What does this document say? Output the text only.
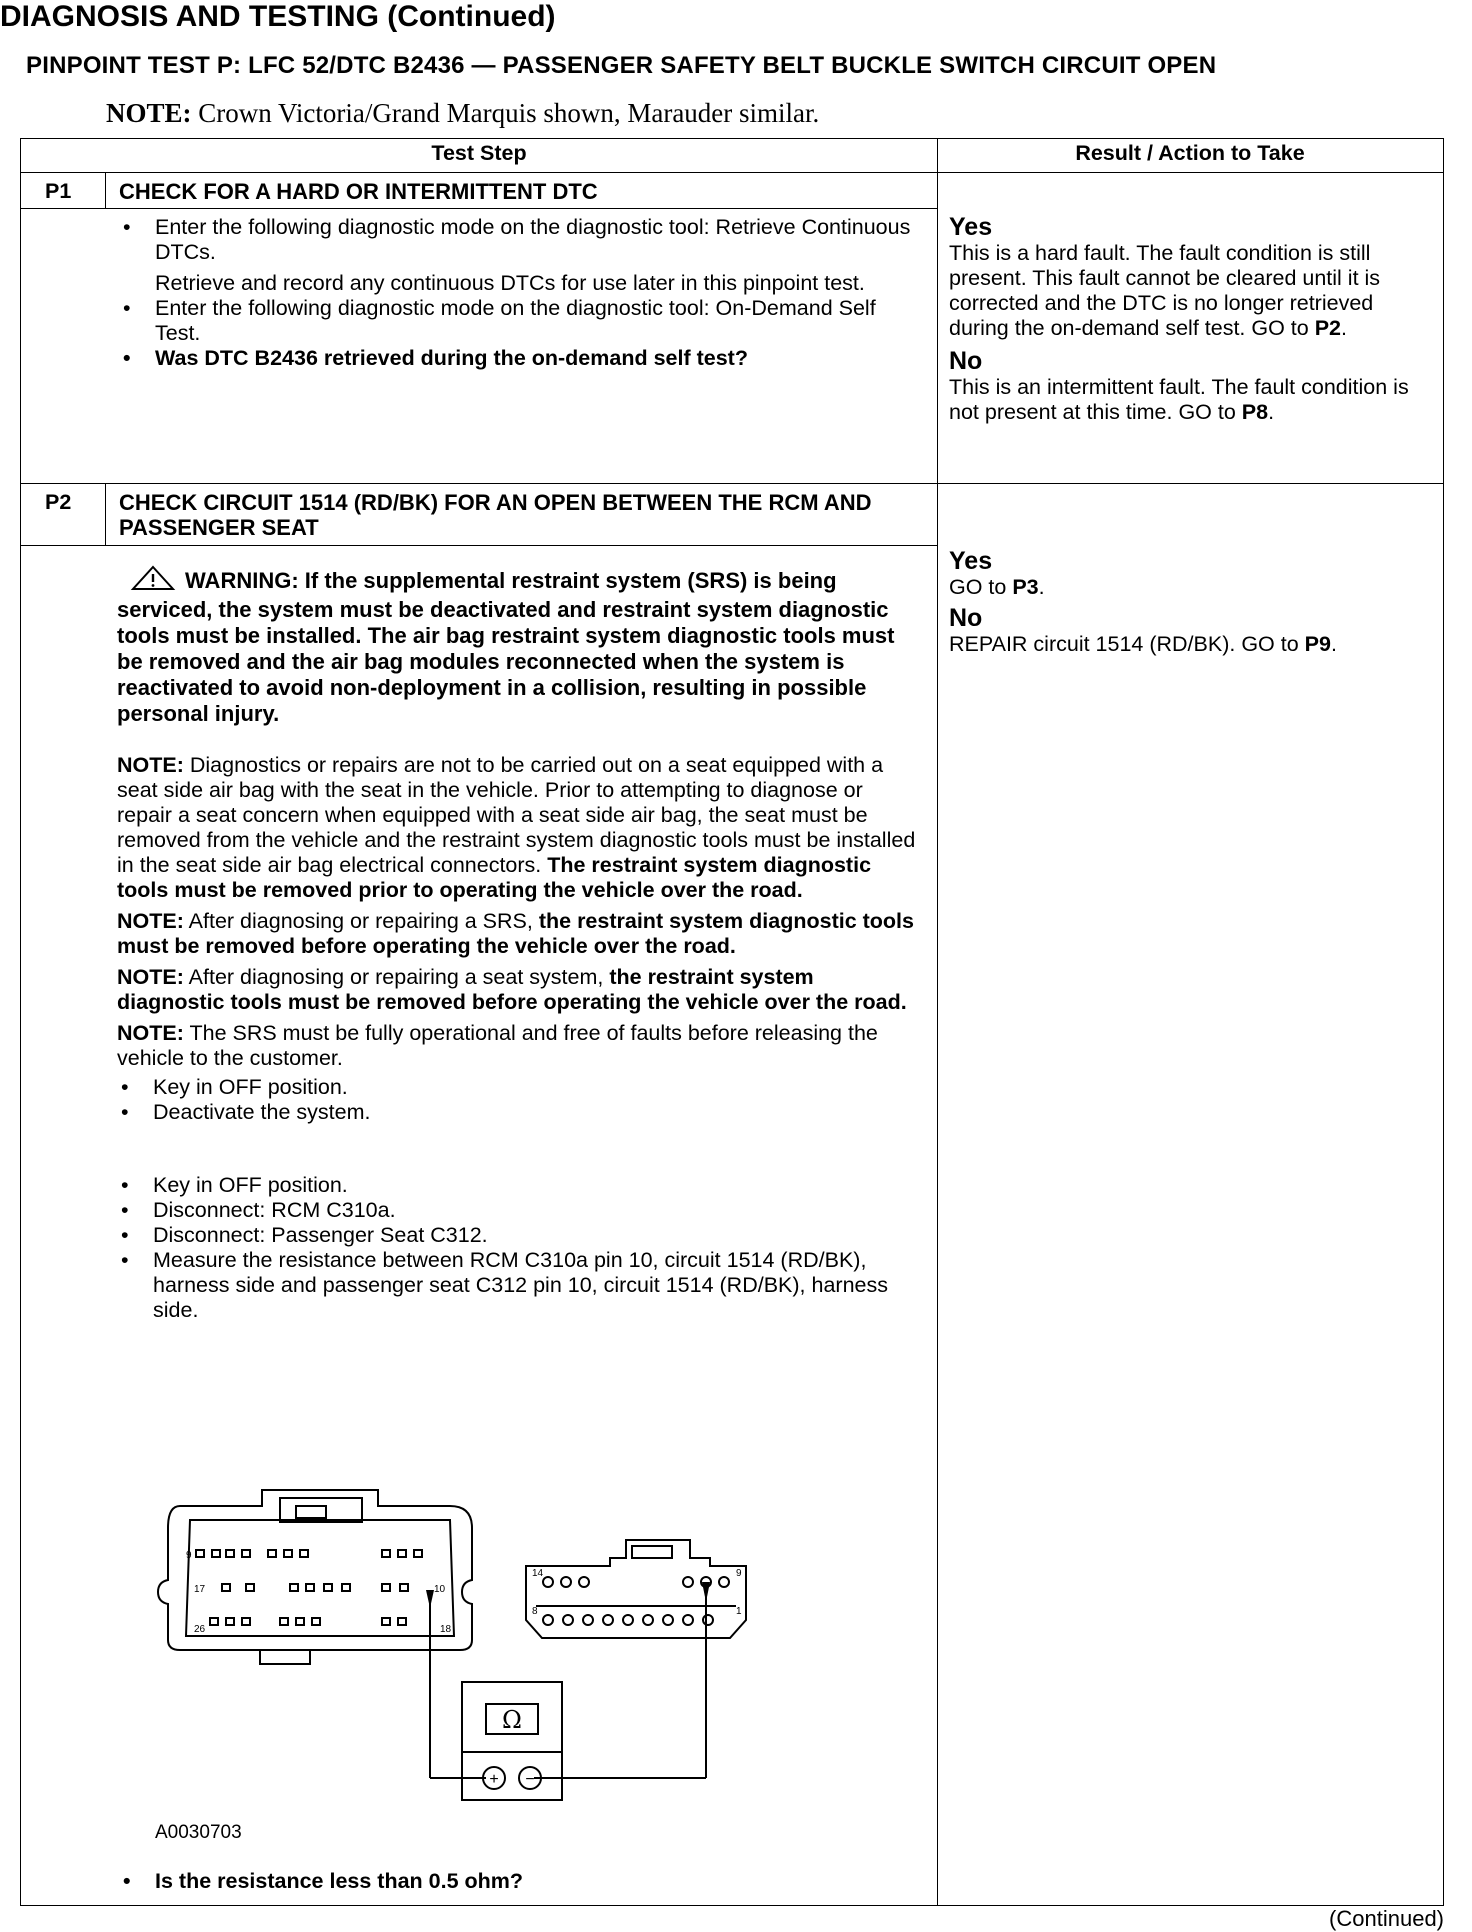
DIAGNOSIS AND TESTING (Continued)
PINPOINT TEST P: LFC 52/DTC B2436 — PASSENGER SAFETY BELT BUCKLE SWITCH CIRCUIT OPEN
NOTE: Crown Victoria/Grand Marquis shown, Marauder similar.
Test Step	Result / Action to Take
P1 CHECK FOR A HARD OR INTERMITTENT DTC
• Enter the following diagnostic mode on the diagnostic tool: Retrieve Continuous DTCs.
Retrieve and record any continuous DTCs for use later in this pinpoint test.
• Enter the following diagnostic mode on the diagnostic tool: On-Demand Self Test.
• Was DTC B2436 retrieved during the on-demand self test?
Yes
This is a hard fault. The fault condition is still present. This fault cannot be cleared until it is corrected and the DTC is no longer retrieved during the on-demand self test. GO to P2.
No
This is an intermittent fault. The fault condition is not present at this time. GO to P8.
P2 CHECK CIRCUIT 1514 (RD/BK) FOR AN OPEN BETWEEN THE RCM AND PASSENGER SEAT
WARNING: If the supplemental restraint system (SRS) is being serviced, the system must be deactivated and restraint system diagnostic tools must be installed. The air bag restraint system diagnostic tools must be removed and the air bag modules reconnected when the system is reactivated to avoid non-deployment in a collision, resulting in possible personal injury.
NOTE: Diagnostics or repairs are not to be carried out on a seat equipped with a seat side air bag with the seat in the vehicle. Prior to attempting to diagnose or repair a seat concern when equipped with a seat side air bag, the seat must be removed from the vehicle and the restraint system diagnostic tools must be installed in the seat side air bag electrical connectors. The restraint system diagnostic tools must be removed prior to operating the vehicle over the road.
NOTE: After diagnosing or repairing a SRS, the restraint system diagnostic tools must be removed before operating the vehicle over the road.
NOTE: After diagnosing or repairing a seat system, the restraint system diagnostic tools must be removed before operating the vehicle over the road.
NOTE: The SRS must be fully operational and free of faults before releasing the vehicle to the customer.
• Key in OFF position.
• Deactivate the system.
• Key in OFF position.
• Disconnect: RCM C310a.
• Disconnect: Passenger Seat C312.
• Measure the resistance between RCM C310a pin 10, circuit 1514 (RD/BK), harness side and passenger seat C312 pin 10, circuit 1514 (RD/BK), harness side.
• Is the resistance less than 0.5 ohm?
Yes
GO to P3.
No
REPAIR circuit 1514 (RD/BK). GO to P9.
9
17
26
10
18
14
8
9
1
Ω
+ −
A0030703
(Continued)
